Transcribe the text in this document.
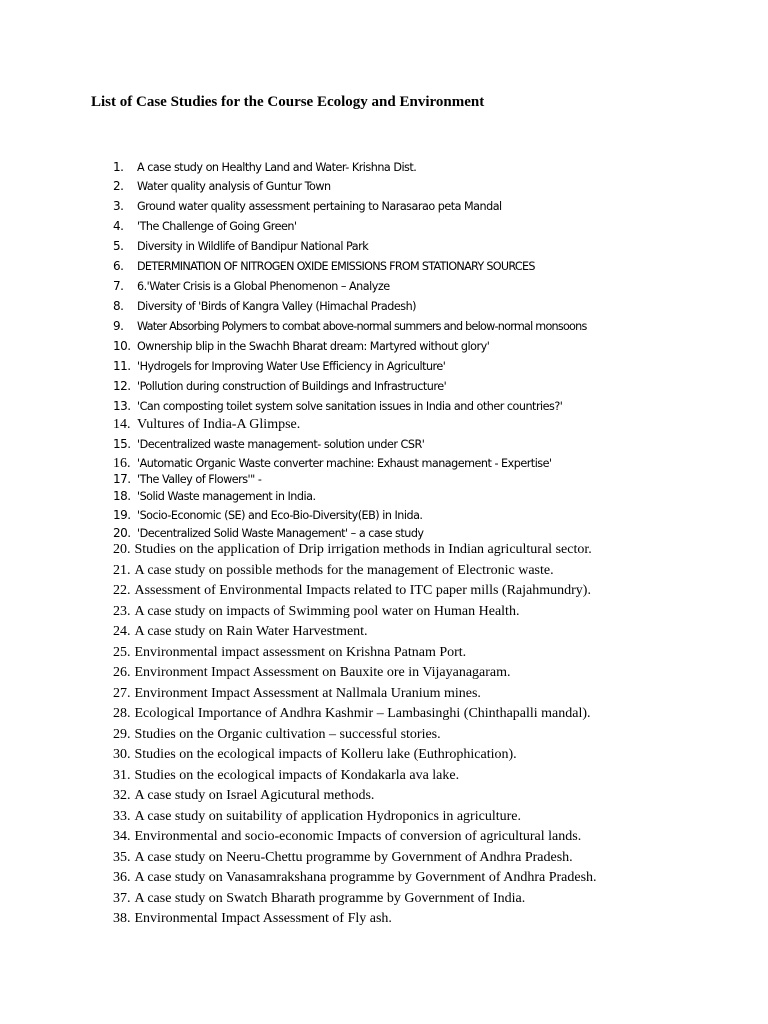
List of Case Studies for the Course Ecology and Environment
1. A case study on Healthy Land and Water- Krishna Dist.
2. Water quality analysis of Guntur Town
3. Ground water quality assessment pertaining to Narasarao peta Mandal
4. 'The Challenge of Going Green'
5. Diversity in Wildlife of Bandipur National Park
6. DETERMINATION OF NITROGEN OXIDE EMISSIONS FROM STATIONARY SOURCES
7. 6.'Water Crisis is a Global Phenomenon – Analyze
8. Diversity of 'Birds of Kangra Valley (Himachal Pradesh)
9. Water Absorbing Polymers to combat above-normal summers and below-normal monsoons
10. Ownership blip in the Swachh Bharat dream: Martyred without glory'
11. 'Hydrogels for Improving Water Use Efficiency in Agriculture'
12. 'Pollution during construction of Buildings and Infrastructure'
13. 'Can composting toilet system solve sanitation issues in India and other countries?'
14. Vultures of India-A Glimpse.
15. 'Decentralized waste management- solution under CSR'
16. 'Automatic Organic Waste converter machine: Exhaust management - Expertise'
17. 'The Valley of Flowers'" -
18. 'Solid Waste management in India.
19. 'Socio-Economic (SE) and Eco-Bio-Diversity(EB) in Inida.
20. 'Decentralized Solid Waste Management' – a case study
20. Studies on the application of Drip irrigation methods in Indian agricultural sector.
21. A case study on possible methods for the management of Electronic waste.
22. Assessment of Environmental Impacts related to ITC paper mills (Rajahmundry).
23. A case study on impacts of Swimming pool water on Human Health.
24. A case study on Rain Water Harvestment.
25. Environmental impact assessment on Krishna Patnam Port.
26. Environment Impact Assessment on Bauxite ore in Vijayanagaram.
27. Environment Impact Assessment at Nallmala Uranium mines.
28. Ecological Importance of Andhra Kashmir – Lambasinghi (Chinthapalli mandal).
29. Studies on the Organic cultivation – successful stories.
30. Studies on the ecological impacts of Kolleru lake (Euthrophication).
31. Studies on the ecological impacts of Kondakarla ava lake.
32. A case study on Israel Agicutural methods.
33. A case study on suitability of application Hydroponics in agriculture.
34. Environmental and socio-economic Impacts of conversion of agricultural lands.
35. A case study on Neeru-Chettu programme by Government of Andhra Pradesh.
36. A case study on Vanasamrakshana programme by Government of Andhra Pradesh.
37. A case study on Swatch Bharath programme by Government of India.
38. Environmental Impact Assessment of Fly ash.
